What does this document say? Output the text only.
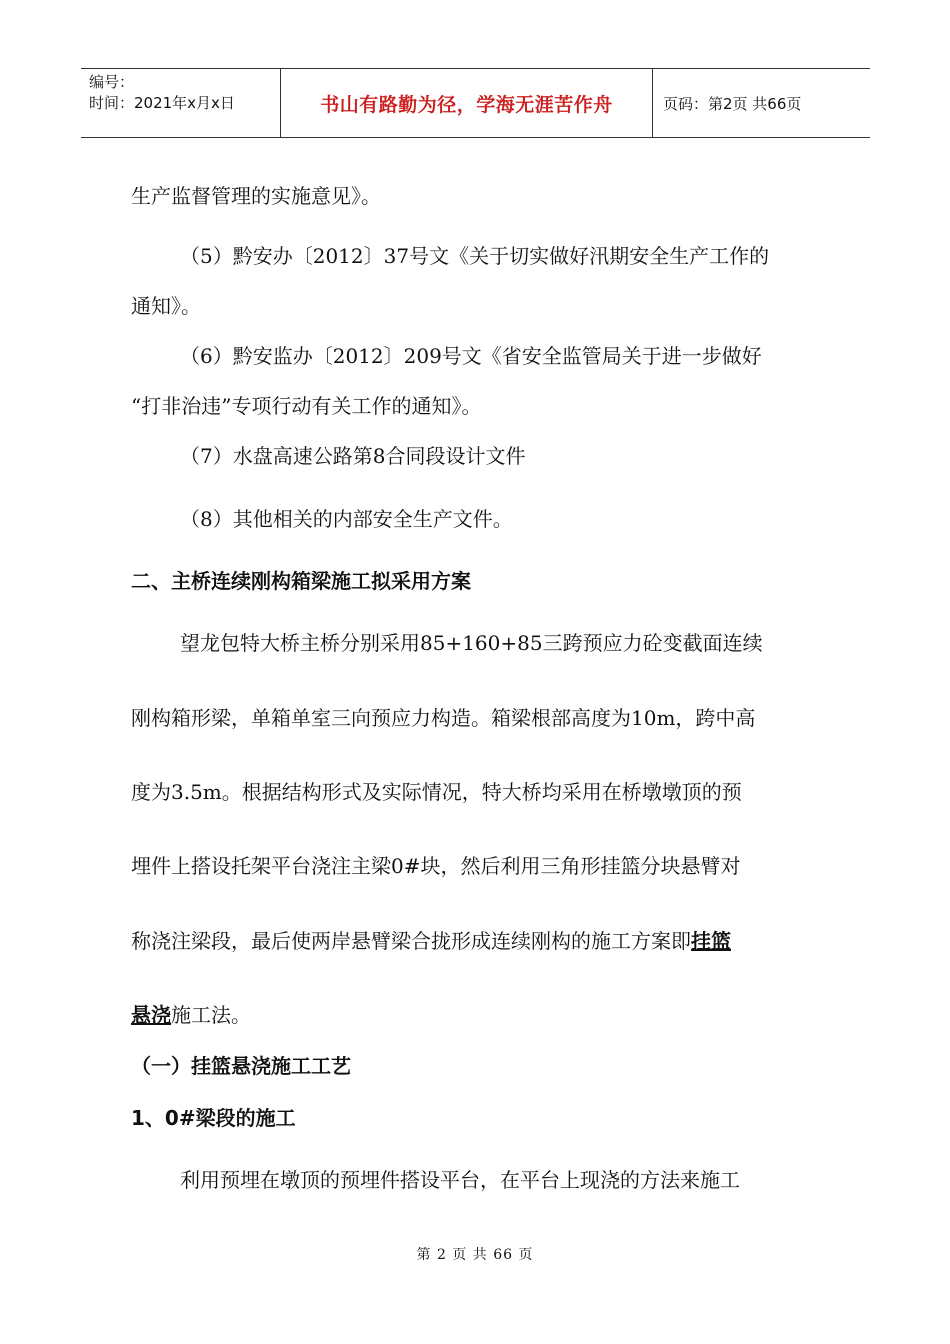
编号：
时间：2021年x月x日	书山有路勤为径，学海无涯苦作舟	页码：第2页 共66页
生产监督管理的实施意见》。
（5）黔安办〔2012〕37号文《关于切实做好汛期安全生产工作的
通知》。
（6）黔安监办〔2012〕209号文《省安全监管局关于进一步做好
“打非治违”专项行动有关工作的通知》。
（7）水盘高速公路第8合同段设计文件
（8）其他相关的内部安全生产文件。
二、主桥连续刚构箱梁施工拟采用方案
望龙包特大桥主桥分别采用85+160+85三跨预应力砼变截面连续
刚构箱形梁，单箱单室三向预应力构造。箱梁根部高度为10m，跨中高
度为3.5m。根据结构形式及实际情况，特大桥均采用在桥墩墩顶的预
埋件上搭设托架平台浇注主梁0#块，然后利用三角形挂篮分块悬臂对
称浇注梁段，最后使两岸悬臂梁合拢形成连续刚构的施工方案即挂篮
悬浇施工法。
（一）挂篮悬浇施工工艺
1、0#梁段的施工
利用预埋在墩顶的预埋件搭设平台，在平台上现浇的方法来施工
第 2 页 共 66 页
